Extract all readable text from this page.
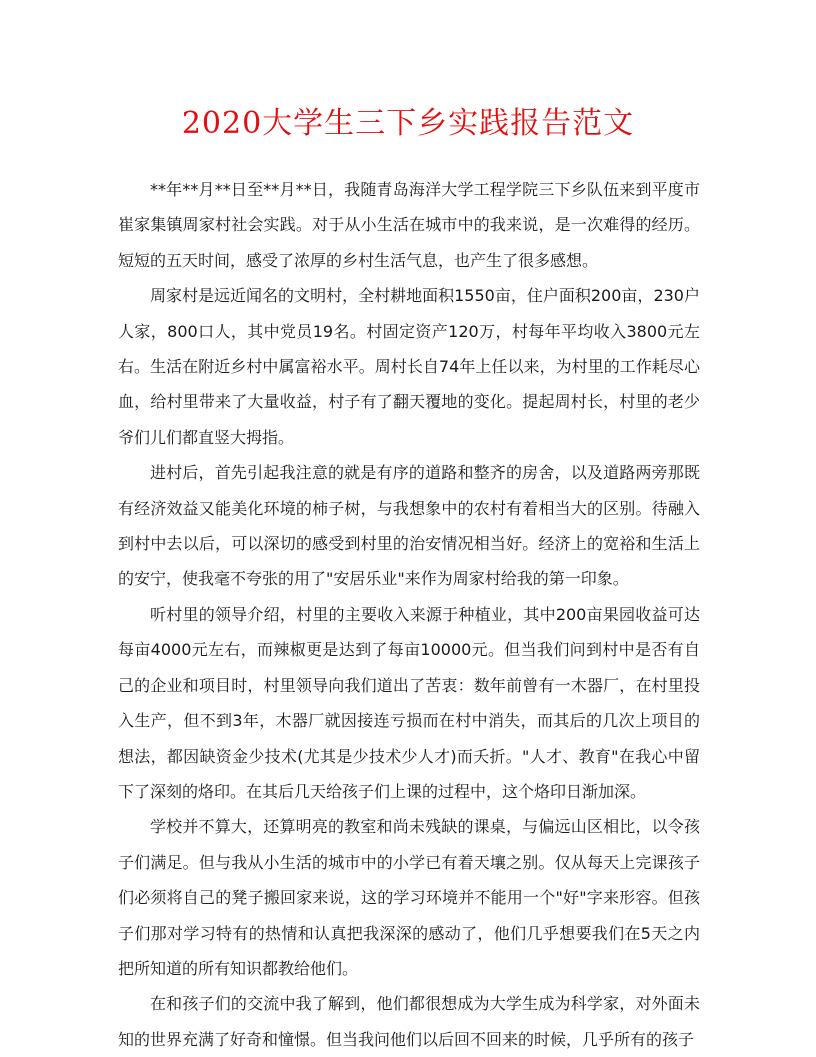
2020大学生三下乡实践报告范文

**年**月**日至**月**日，我随青岛海洋大学工程学院三下乡队伍来到平度市崔家集镇周家村社会实践。对于从小生活在城市中的我来说，是一次难得的经历。短短的五天时间，感受了浓厚的乡村生活气息，也产生了很多感想。

周家村是远近闻名的文明村，全村耕地面积1550亩，住户面积200亩，230户人家，800口人，其中党员19名。村固定资产120万，村每年平均收入3800元左右。生活在附近乡村中属富裕水平。周村长自74年上任以来，为村里的工作耗尽心血，给村里带来了大量收益，村子有了翻天覆地的变化。提起周村长，村里的老少爷们儿们都直竖大拇指。

进村后，首先引起我注意的就是有序的道路和整齐的房舍，以及道路两旁那既有经济效益又能美化环境的柿子树，与我想象中的农村有着相当大的区别。待融入到村中去以后，可以深切的感受到村里的治安情况相当好。经济上的宽裕和生活上的安宁，使我毫不夸张的用了"安居乐业"来作为周家村给我的第一印象。

听村里的领导介绍，村里的主要收入来源于种植业，其中200亩果园收益可达每亩4000元左右，而辣椒更是达到了每亩10000元。但当我们问到村中是否有自己的企业和项目时，村里领导向我们道出了苦衷：数年前曾有一木器厂，在村里投入生产，但不到3年，木器厂就因接连亏损而在村中消失，而其后的几次上项目的想法，都因缺资金少技术(尤其是少技术少人才)而夭折。"人才、教育"在我心中留下了深刻的烙印。在其后几天给孩子们上课的过程中，这个烙印日渐加深。

学校并不算大，还算明亮的教室和尚未残缺的课桌，与偏远山区相比，以令孩子们满足。但与我从小生活的城市中的小学已有着天壤之别。仅从每天上完课孩子们必须将自己的凳子搬回家来说，这的学习环境并不能用一个"好"字来形容。但孩子们那对学习特有的热情和认真把我深深的感动了，他们几乎想要我们在5天之内把所知道的所有知识都教给他们。

在和孩子们的交流中我了解到，他们都很想成为大学生成为科学家，对外面未知的世界充满了好奇和憧憬。但当我问他们以后回不回来的时候，几乎所有的孩子
